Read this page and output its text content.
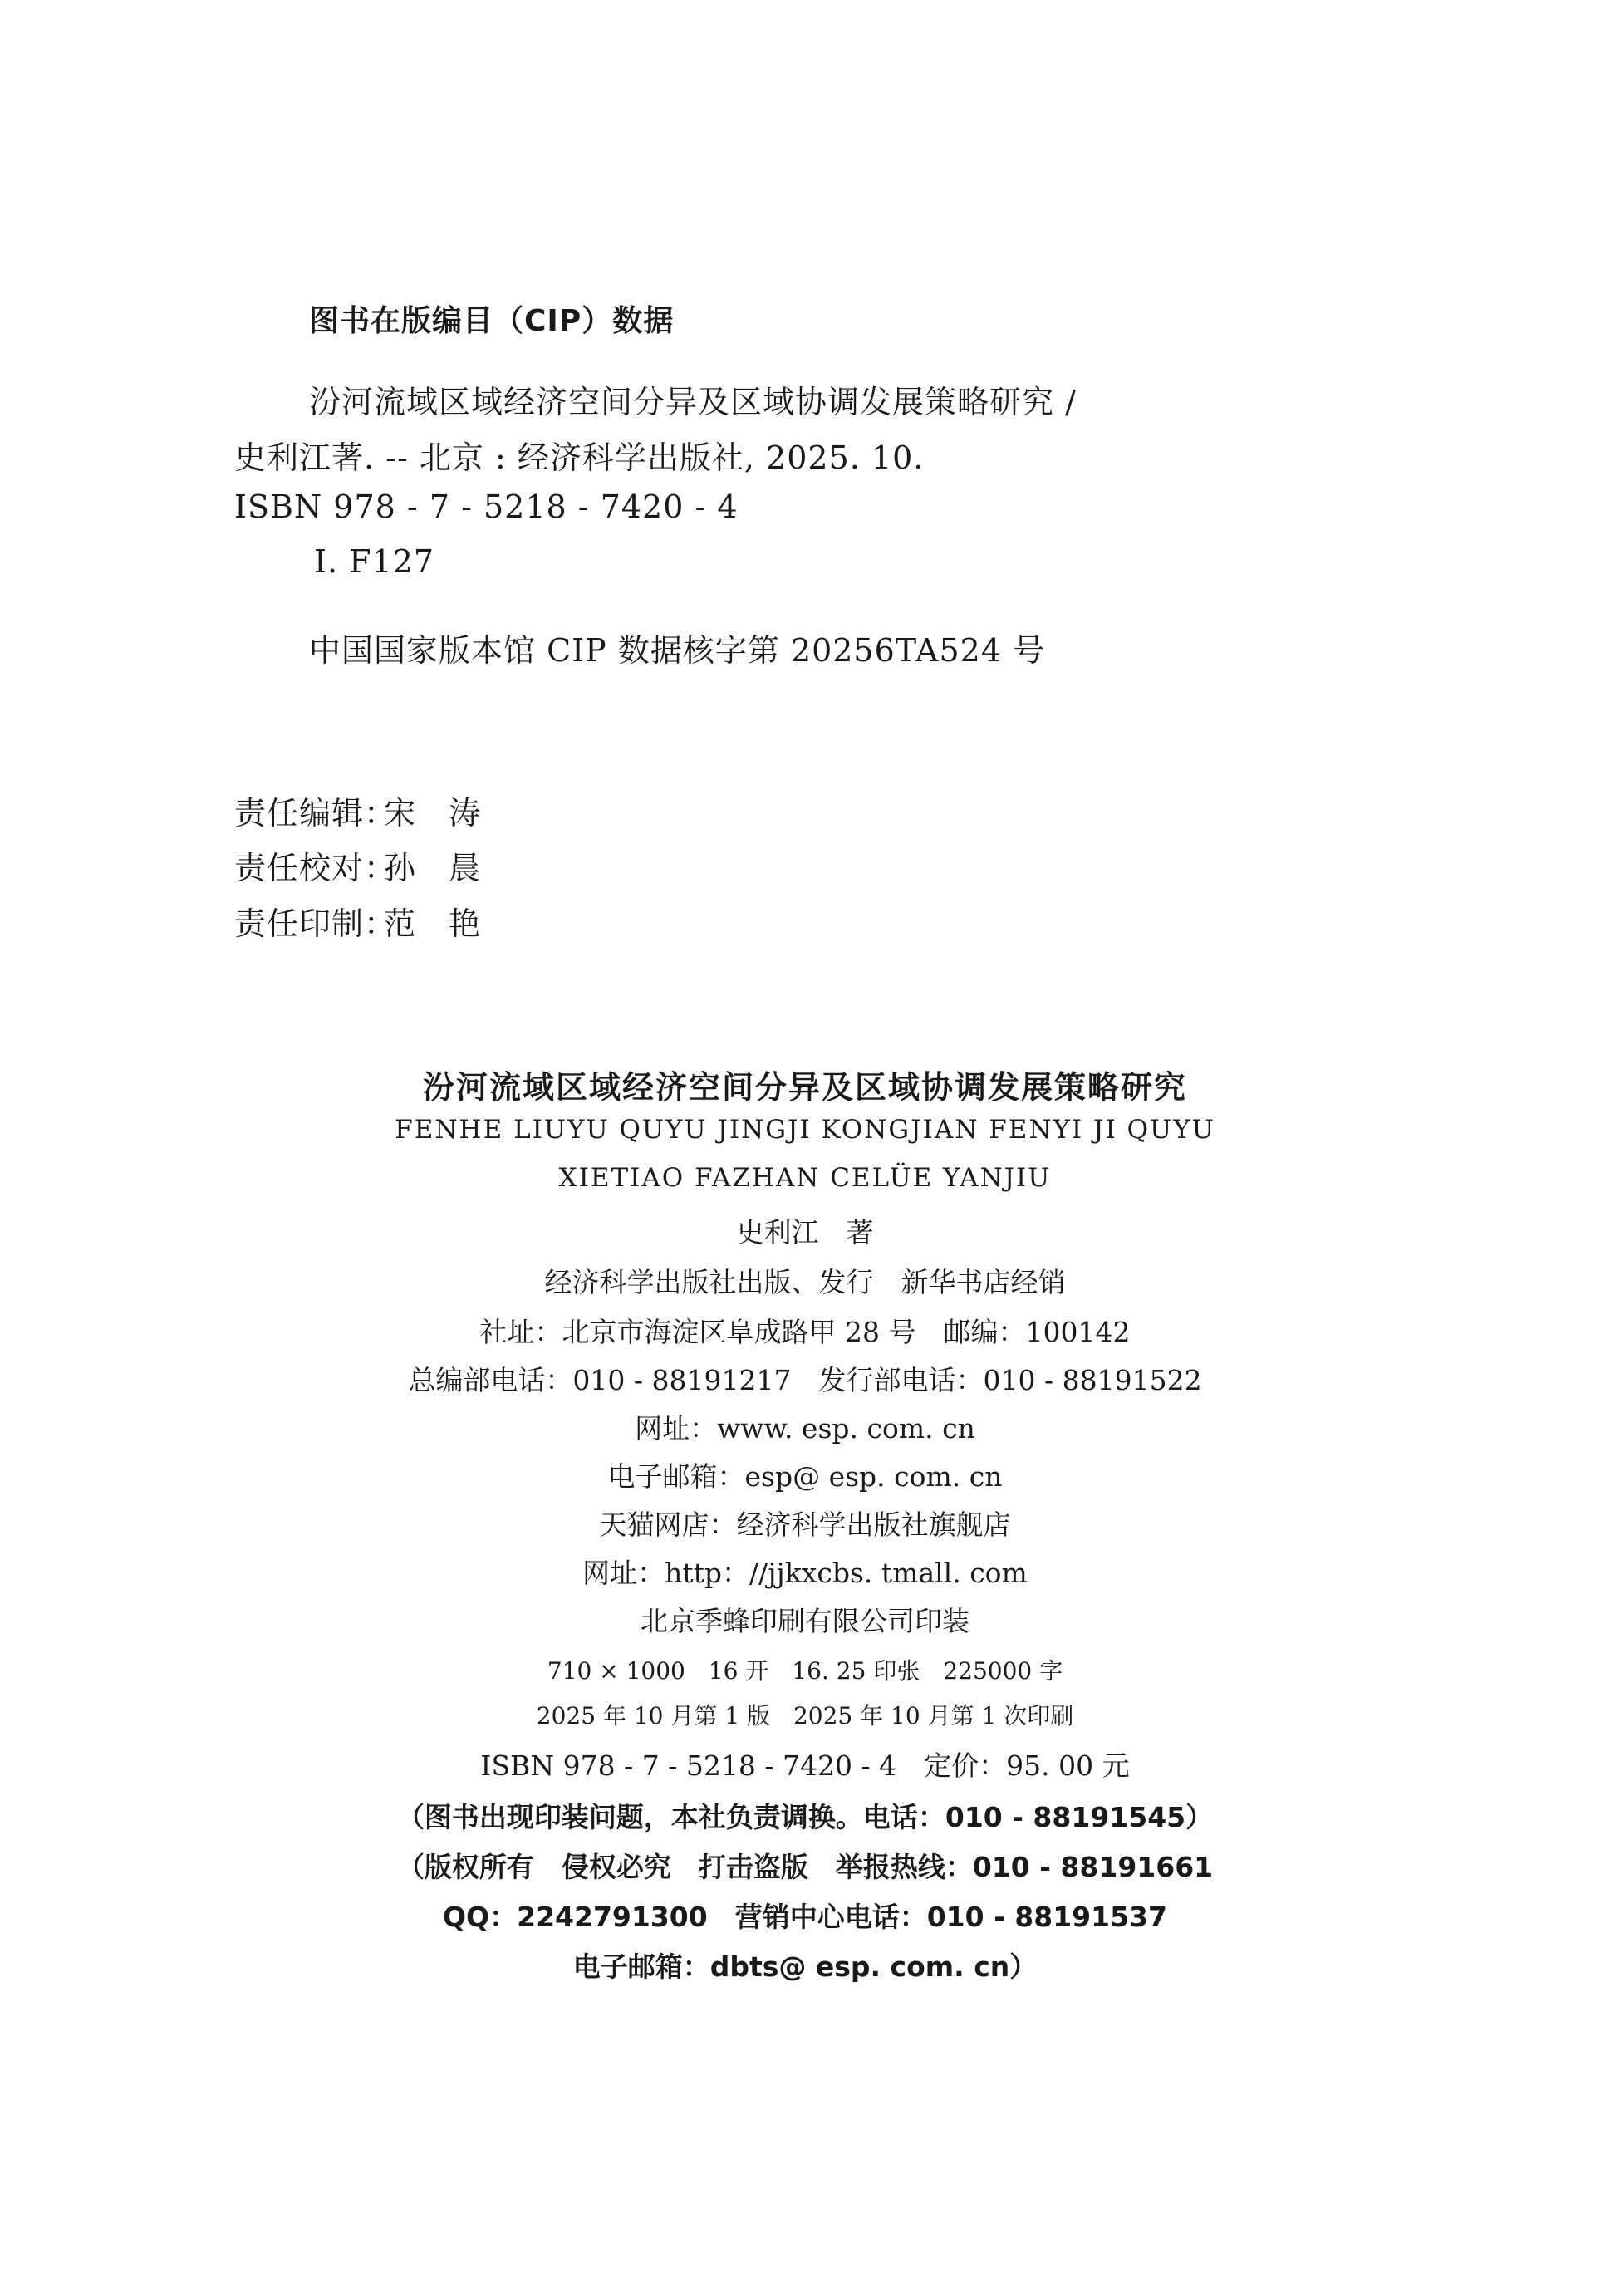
图书在版编目（CIP）数据
汾河流域区域经济空间分异及区域协调发展策略研究 /
史利江著. -- 北京 : 经济科学出版社, 2025. 10.
ISBN 978 - 7 - 5218 - 7420 - 4
Ⅰ. F127
中国国家版本馆 CIP 数据核字第 20256TA524 号
责任编辑：宋　涛
责任校对：孙　晨
责任印制：范　艳
汾河流域区域经济空间分异及区域协调发展策略研究
FENHE LIUYU QUYU JINGJI KONGJIAN FENYI JI QUYU
XIETIAO FAZHAN CELÜE YANJIU
史利江　著
经济科学出版社出版、发行　新华书店经销
社址：北京市海淀区阜成路甲 28 号　邮编：100142
总编部电话：010 - 88191217　发行部电话：010 - 88191522
网址：www. esp. com. cn
电子邮箱：esp@ esp. com. cn
天猫网店：经济科学出版社旗舰店
网址：http：//jjkxcbs. tmall. com
北京季蜂印刷有限公司印装
710 × 1000　16 开　16. 25 印张　225000 字
2025 年 10 月第 1 版　2025 年 10 月第 1 次印刷
ISBN 978 - 7 - 5218 - 7420 - 4　定价：95. 00 元
（图书出现印装问题，本社负责调换。电话：010 - 88191545）
（版权所有　侵权必究　打击盗版　举报热线：010 - 88191661
QQ：2242791300　营销中心电话：010 - 88191537
电子邮箱：dbts@ esp. com. cn）
